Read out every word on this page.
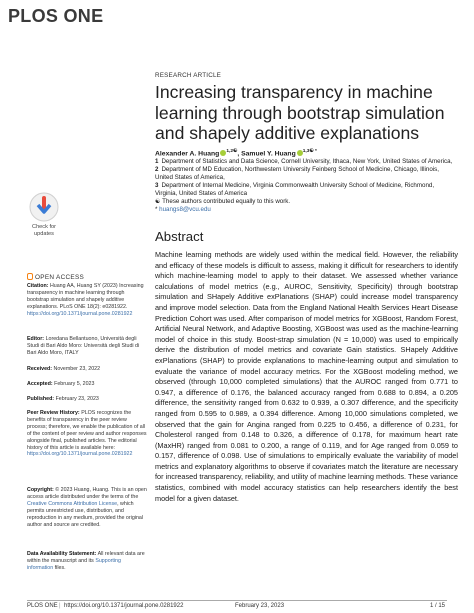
PLOS ONE
RESEARCH ARTICLE
Increasing transparency in machine learning through bootstrap simulation and shapely additive explanations
Alexander A. Huang $^{1,2☯}$, Samuel Y. Huang $^{1,3☯ *}$
1 Department of Statistics and Data Science, Cornell University, Ithaca, New York, United States of America,
2 Department of MD Education, Northwestern University Feinberg School of Medicine, Chicago, Illinois, United States of America,
3 Department of Internal Medicine, Virginia Commonwealth University School of Medicine, Richmond, Virginia, United States of America
☯ These authors contributed equally to this work.
* huangs8@vcu.edu
Abstract

Machine learning methods are widely used within the medical field. However, the reliability and efficacy of these models is difficult to assess, making it difficult for researchers to identify which machine-learning model to apply to their dataset. We assessed whether variance calculations of model metrics (e.g., AUROC, Sensitivity, Specificity) through bootstrap simulation and SHapely Additive exPlanations (SHAP) could increase model transparency and improve model selection. Data from the England National Health Services Heart Disease Prediction Cohort was used. After comparison of model metrics for XGBoost, Random Forest, Artificial Neural Network, and Adaptive Boosting, XGBoost was used as the machine-learning model of choice in this study. Boost-strap simulation (N = 10,000) was used to empirically derive the distribution of model metrics and covariate Gain statistics. SHapely Additive exPlanations (SHAP) to provide explanations to machine-learning output and simulation to evaluate the variance of model accuracy metrics. For the XGBoost modeling method, we observed (through 10,000 completed simulations) that the AUROC ranged from 0.771 to 0.947, a difference of 0.176, the balanced accuracy ranged from 0.688 to 0.894, a 0.205 difference, the sensitivity ranged from 0.632 to 0.939, a 0.307 difference, and the specificity ranged from 0.595 to 0.989, a 0.394 difference. Among 10,000 simulations completed, we observed that the gain for Angina ranged from 0.225 to 0.456, a difference of 0.231, for Cholesterol ranged from 0.148 to 0.326, a difference of 0.178, for maximum heart rate (MaxHR) ranged from 0.081 to 0.200, a range of 0.119, and for Age ranged from 0.059 to 0.157, difference of 0.098. Use of simulations to empirically evaluate the variability of model metrics and explanatory algorithms to observe if covariates match the literature are necessary for increased transparency, reliability, and utility of machine learning methods. These variance statistics, combined with model accuracy statistics can help researchers identify the best model for a given dataset.

Check for updates
OPEN ACCESS

Citation: Huang AA, Huang SY (2023) Increasing transparency in machine learning through bootstrap simulation and shapely additive explanations. PLoS ONE 18(2): e0281922. https://doi.org/10.1371/journal.pone.0281922

Editor: Loredana Bellantuono, Università degli Studi di Bari Aldo Moro: Università degli Studi di Bari Aldo Moro, ITALY

Received: November 23, 2022

Accepted: February 5, 2023

Published: February 23, 2023

Peer Review History: PLOS recognizes the benefits of transparency in the peer review process; therefore, we enable the publication of all of the content of peer review and author responses alongside final, published articles. The editorial history of this article is available here: https://doi.org/10.1371/journal.pone.0281922

Copyright: © 2023 Huang, Huang. This is an open access article distributed under the terms of the Creative Commons Attribution License, which permits unrestricted use, distribution, and reproduction in any medium, provided the original author and source are credited.

Data Availability Statement: All relevant data are within the manuscript and its Supporting information files.

PLOS ONE | https://doi.org/10.1371/journal.pone.0281922	February 23, 2023	1 / 15
